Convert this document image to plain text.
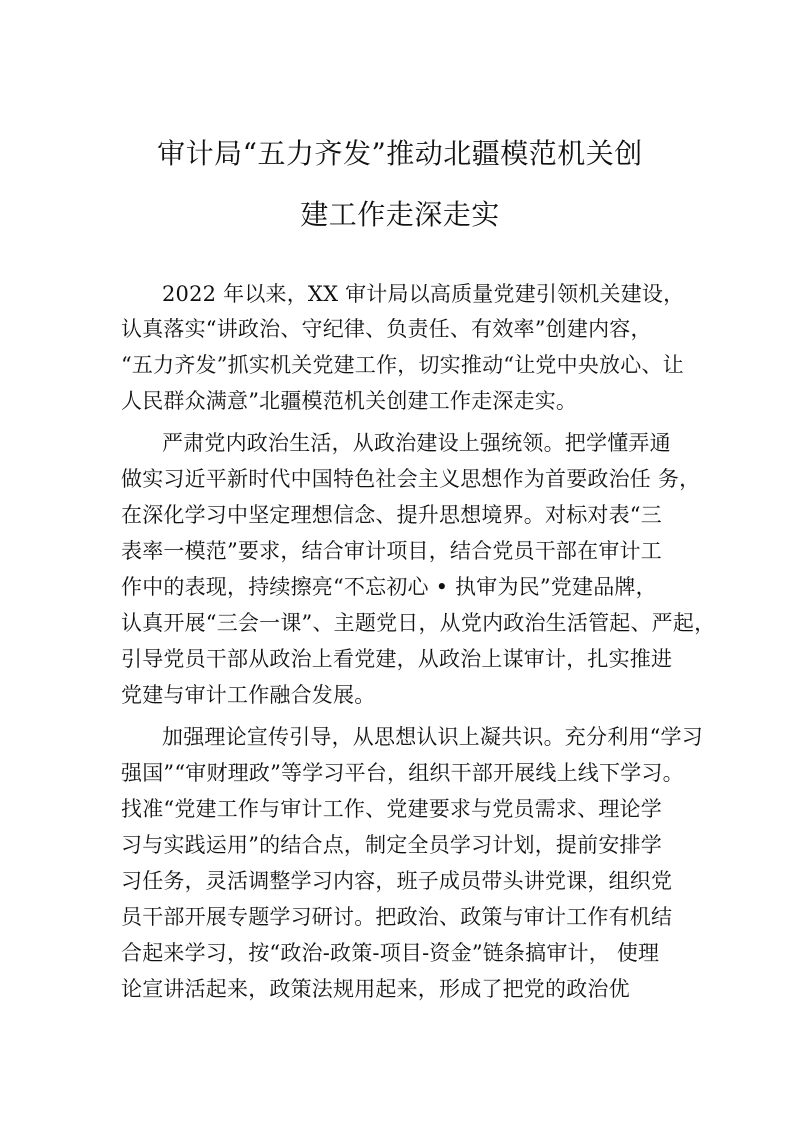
审计局“五力齐发”推动北疆模范机关创
建工作走深走实
2022 年以来，XX 审计局以高质量党建引领机关建设，
认真落实“讲政治、守纪律、负责任、有效率”创建内容，
“五力齐发”抓实机关党建工作，切实推动“让党中央放心、让
人民群众满意”北疆模范机关创建工作走深走实。
严肃党内政治生活，从政治建设上强统领。把学懂弄通
做实习近平新时代中国特色社会主义思想作为首要政治任 务，
在深化学习中坚定理想信念、提升思想境界。对标对表“三
表率一模范”要求，结合审计项目，结合党员干部在审计工
作中的表现，持续擦亮“不忘初心 • 执审为民”党建品牌，
认真开展“三会一课”、主题党日，从党内政治生活管起、严起，
引导党员干部从政治上看党建，从政治上谋审计，扎实推进
党建与审计工作融合发展。
加强理论宣传引导，从思想认识上凝共识。充分利用“学习
强国”“审财理政”等学习平台，组织干部开展线上线下学习。
找准“党建工作与审计工作、党建要求与党员需求、理论学
习与实践运用”的结合点，制定全员学习计划，提前安排学
习任务，灵活调整学习内容，班子成员带头讲党课，组织党
员干部开展专题学习研讨。把政治、政策与审计工作有机结
合起来学习，按“政治-政策-项目-资金”链条搞审计， 使理
论宣讲活起来，政策法规用起来，形成了把党的政治优
